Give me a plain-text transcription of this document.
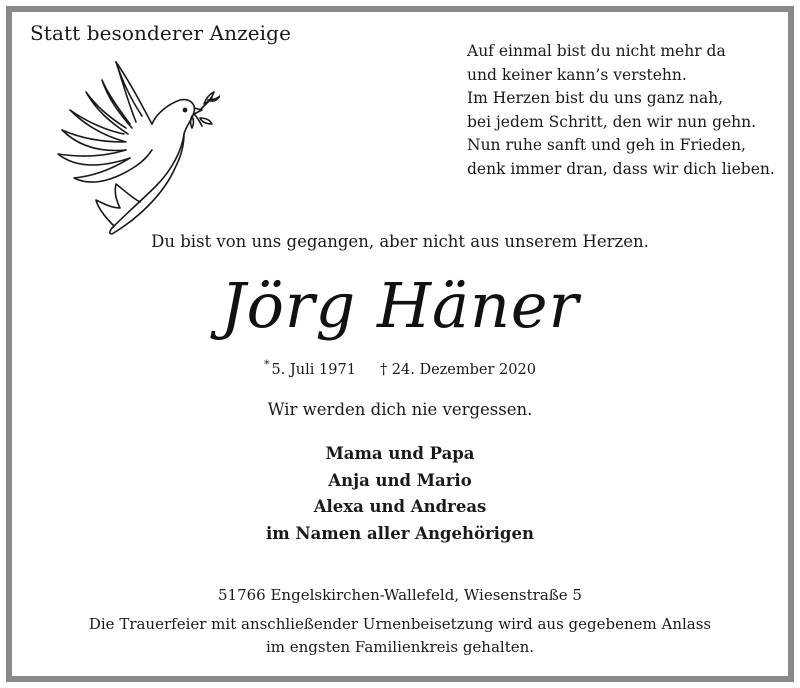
Statt besonderer Anzeige
Auf einmal bist du nicht mehr da
und keiner kann’s verstehn.
Im Herzen bist du uns ganz nah,
bei jedem Schritt, den wir nun gehn.
Nun ruhe sanft und geh in Frieden,
denk immer dran, dass wir dich lieben.
Du bist von uns gegangen, aber nicht aus unserem Herzen.
Jörg Häner
* 5. Juli 1971 † 24. Dezember 2020
Wir werden dich nie vergessen.
Mama und Papa
Anja und Mario
Alexa und Andreas
im Namen aller Angehörigen
51766 Engelskirchen-Wallefeld, Wiesenstraße 5
Die Trauerfeier mit anschließender Urnenbeisetzung wird aus gegebenem Anlass
im engsten Familienkreis gehalten.
